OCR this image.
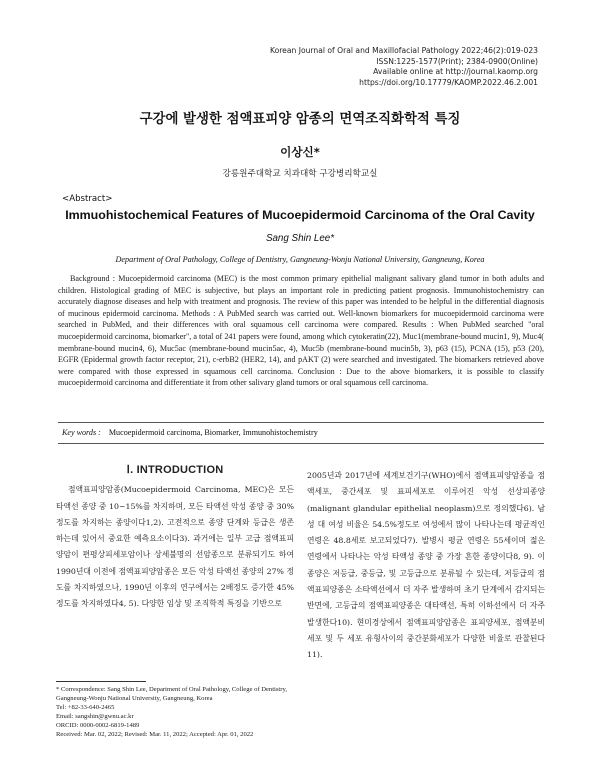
Korean Journal of Oral and Maxillofacial Pathology 2022;46(2):019-023
ISSN:1225-1577(Print); 2384-0900(Online)
Available online at http://journal.kaomp.org
https://doi.org/10.17779/KAOMP.2022.46.2.001
구강에 발생한 점액표피양 암종의 면역조직화학적 특징
이상신*
강릉원주대학교 치과대학 구강병리학교실
<Abstract>
Immuohistochemical Features of Mucoepidermoid Carcinoma of the Oral Cavity
Sang Shin Lee*
Department of Oral Pathology, College of Dentistry, Gangneung-Wonju National University, Gangneung, Korea

Background : Mucoepidermoid carcinoma (MEC) is the most common primary epithelial malignant salivary gland tumor in both adults and children. Histological grading of MEC is subjective, but plays an important role in predicting patient prognosis. Immunohistochemistry can accurately diagnose diseases and help with treatment and prognosis. The review of this paper was intended to be helpful in the differential diagnosis of mucinous epidermoid carcinoma. Methods : A PubMed search was carried out. Well-known biomarkers for mucoepidermoid carcinoma were searched in PubMed, and their differences with oral squamous cell carcinoma were compared. Results : When PubMed searched "oral mucoepidermoid carcinoma, biomarker", a total of 241 papers were found, among which cytokeratin(22), Muc1(membrane-bound mucin1, 9), Muc4( membrane-bound mucin4, 6), Muc5ac (membrane-bound mucin5ac, 4), Muc5b (membrane-bound mucin5b, 3), p63 (15), PCNA (15), p53 (20), EGFR (Epidermal growth factor receptor, 21), c-erbB2 (HER2, 14), and pAKT (2) were searched and investigated. The biomarkers retrieved above were compared with those expressed in squamous cell carcinoma. Conclusion : Due to the above biomarkers, it is possible to classify mucoepidermoid carcinoma and differentiate it from other salivary gland tumors or oral squamous cell carcinoma.

Key words : Mucoepidermoid carcinoma, Biomarker, Immunohistochemistry
Ⅰ. INTRODUCTION

점액표피양암종(Mucoepidermoid Carcinoma, MEC)은 모든 타액선 종양 중 10~15%를 차지하며, 모든 타액선 악성 종양 중 30% 정도를 차지하는 종양이다1,2). 고전적으로 종양 단계와 등급은 생존하는데 있어서 중요한 예측요소이다3). 과거에는 일부 고급 점액표피양암이 편평상피세포암이나 상세불명의 선암종으로 분류되기도 하여 1990년대 이전에 점액표피양암종은 모든 악성 타액선 종양의 27% 정도를 차지하였으나, 1990년 이후의 연구에서는 2배정도 증가한 45% 정도를 차지하였다4, 5). 다양한 임상 및 조직학적 특징을 기반으로

2005년과 2017년에 세계보건기구(WHO)에서 점액표피양암종을 점액세포, 중간세포 및 표피세포로 이루어진 악성 선상피종양(malignant glandular epithelial neoplasm)으로 정의했다6). 남성 대 여성 비율은 54.5%정도로 여성에서 많이 나타나는데 평균적인 연령은 48.8세로 보고되었다7). 발병시 평균 연령은 55세이며 젊은 연령에서 나타나는 악성 타액성 종양 중 가장 흔한 종양이다8, 9). 이 종양은 저등급, 중등급, 및 고등급으로 분류될 수 있는데, 저등급의 점액표피양종은 소타액선에서 더 자주 발생하며 초기 단계에서 감지되는 반면에, 고등급의 점액표피양종은 대타액선, 특히 이하선에서 더 자주 발생한다10). 현미경상에서 점액표피양암종은 표피양세포, 점액분비세포 및 두 세포 유형사이의 중간분화세포가 다양한 비율로 관찰된다11).

* Correspondence: Sang Shin Lee, Department of Oral Pathology, College of Dentistry, Gangneung-Wonju National University, Gangneung, Korea
Tel: +82-33-640-2465
Email: sangshin@gwnu.ac.kr
ORCID: 0000-0002-6819-1489
Received: Mar. 02, 2022; Revised: Mar. 11, 2022; Accepted: Apr. 01, 2022
